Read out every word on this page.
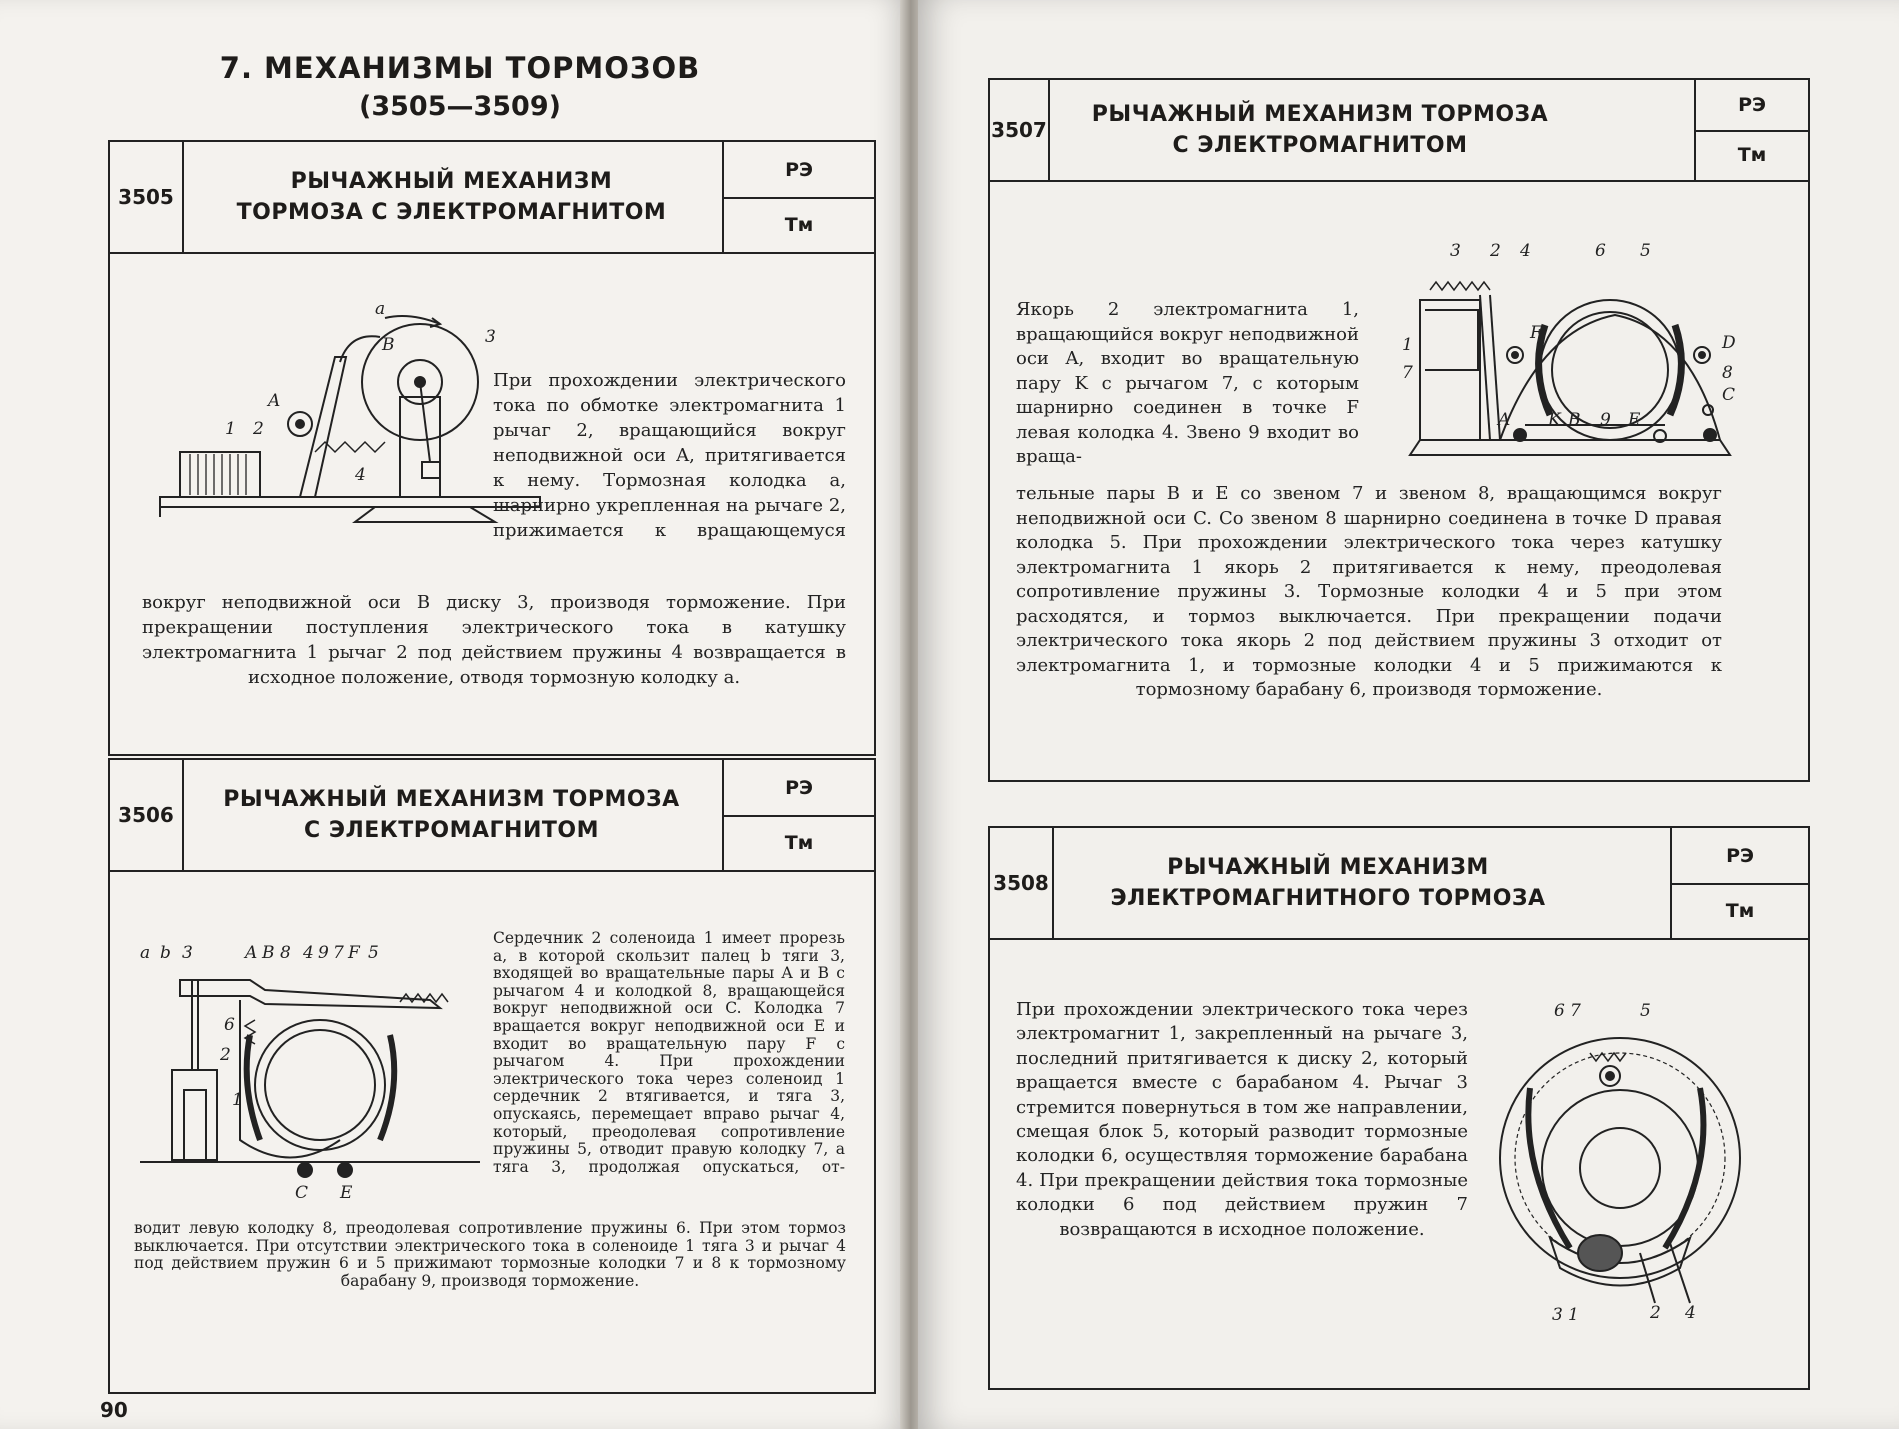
7. МЕХАНИЗМЫ ТОРМОЗОВ
(3505—3509)
3505
РЫЧАЖНЫЙ МЕХАНИЗМ
ТОРМОЗА С ЭЛЕКТРОМАГНИТОМ
РЭ
Тм
a
B	3
A
1 2
4
При прохождении электрического тока по обмотке электромагнита 1 рычаг 2, вращающийся вокруг неподвижной оси A, притягивается к нему. Тормозная колодка a, шарнирно укрепленная на рычаге 2, прижимается к вращающемуся
вокруг неподвижной оси B диску 3, производя торможение. При прекращении поступления электрического тока в катушку электромагнита 1 рычаг 2 под действием пружины 4 возвращается в исходное положение, отводя тормозную колодку a.
3506
РЫЧАЖНЫЙ МЕХАНИЗМ ТОРМОЗА
С ЭЛЕКТРОМАГНИТОМ
РЭ
Тм
a b 3	A B 8 4 9 7 F 5
6
2
1
C E
Сердечник 2 соленоида 1 имеет прорезь a, в которой скользит палец b тяги 3, входящей во вращательные пары A и B с рычагом 4 и колодкой 8, вращающейся вокруг неподвижной оси C. Колодка 7 вращается вокруг неподвижной оси E и входит во вращательную пару F с рычагом 4. При прохождении электрического тока через соленоид 1 сердечник 2 втягивается, и тяга 3, опускаясь, перемещает вправо рычаг 4, который, преодолевая сопротивление пружины 5, отводит правую колодку 7, а тяга 3, продолжая опускаться, от-
водит левую колодку 8, преодолевая сопротивление пружины 6. При этом тормоз выключается. При отсутствии электрического тока в соленоиде 1 тяга 3 и рычаг 4 под действием пружин 6 и 5 прижимают тормозные колодки 7 и 8 к тормозному барабану 9, производя торможение.
90
3507
РЫЧАЖНЫЙ МЕХАНИЗМ ТОРМОЗА
С ЭЛЕКТРОМАГНИТОМ
РЭ
Тм
3 2 4	6 5
1
7
F	D
8
C
A K B 9 E
Якорь 2 электромагнита 1, вращающийся вокруг неподвижной оси A, входит во вращательную пару K с рычагом 7, с которым шарнирно соединен в точке F левая колодка 4. Звено 9 входит во враща-
тельные пары B и E со звеном 7 и звеном 8, вращающимся вокруг неподвижной оси C. Со звеном 8 шарнирно соединена в точке D правая колодка 5. При прохождении электрического тока через катушку электромагнита 1 якорь 2 притягивается к нему, преодолевая сопротивление пружины 3. Тормозные колодки 4 и 5 при этом расходятся, и тормоз выключается. При прекращении подачи электрического тока якорь 2 под действием пружины 3 отходит от электромагнита 1, и тормозные колодки 4 и 5 прижимаются к тормозному барабану 6, производя торможение.
3508
РЫЧАЖНЫЙ МЕХАНИЗМ
ЭЛЕКТРОМАГНИТНОГО ТОРМОЗА
РЭ
Тм
6 7	5
3 1	2 4
При прохождении электрического тока через электромагнит 1, закрепленный на рычаге 3, последний притягивается к диску 2, который вращается вместе с барабаном 4. Рычаг 3 стремится повернуться в том же направлении, смещая блок 5, который разводит тормозные колодки 6, осуществляя торможение барабана 4. При прекращении действия тока тормозные колодки 6 под действием пружин 7 возвращаются в исходное положение.
